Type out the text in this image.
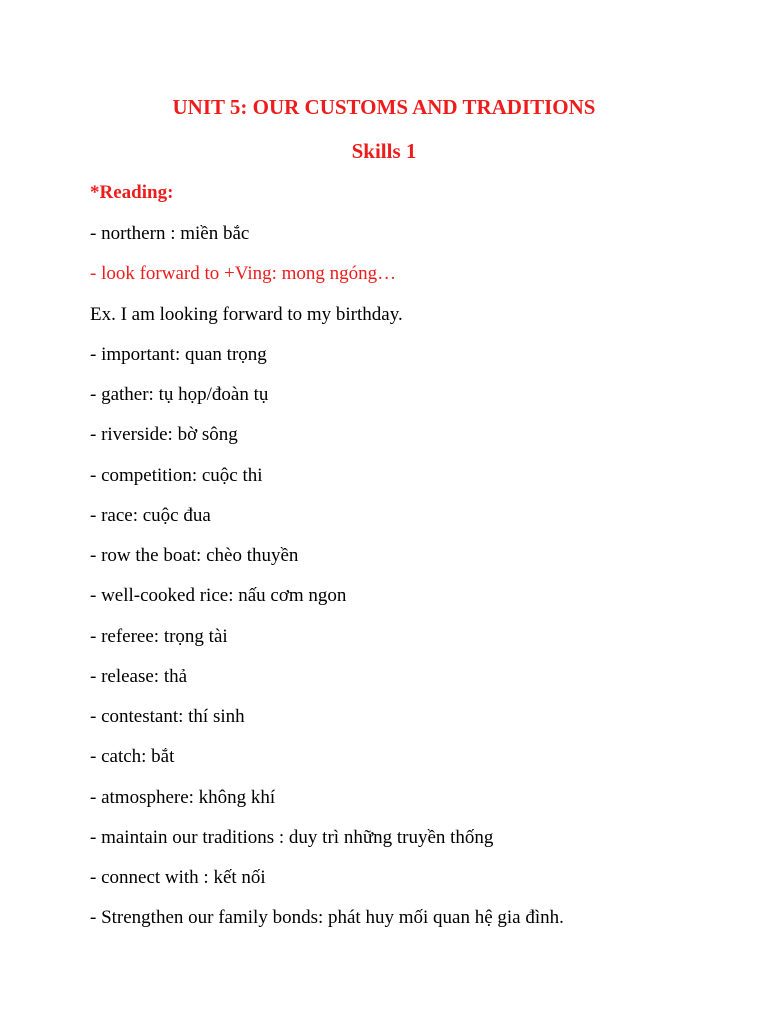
UNIT 5: OUR CUSTOMS AND TRADITIONS
Skills 1
*Reading:
- northern : miền bắc
- look forward to +Ving: mong ngóng…
Ex. I am looking forward to my birthday.
- important: quan trọng
- gather: tụ họp/đoàn tụ
- riverside: bờ sông
- competition: cuộc thi
- race: cuộc đua
- row the boat: chèo thuyền
- well-cooked rice: nấu cơm ngon
- referee: trọng tài
- release: thả
- contestant: thí sinh
- catch: bắt
- atmosphere: không khí
- maintain our traditions : duy trì những truyền thống
- connect with : kết nối
- Strengthen our family bonds: phát huy mối quan hệ gia đình.
